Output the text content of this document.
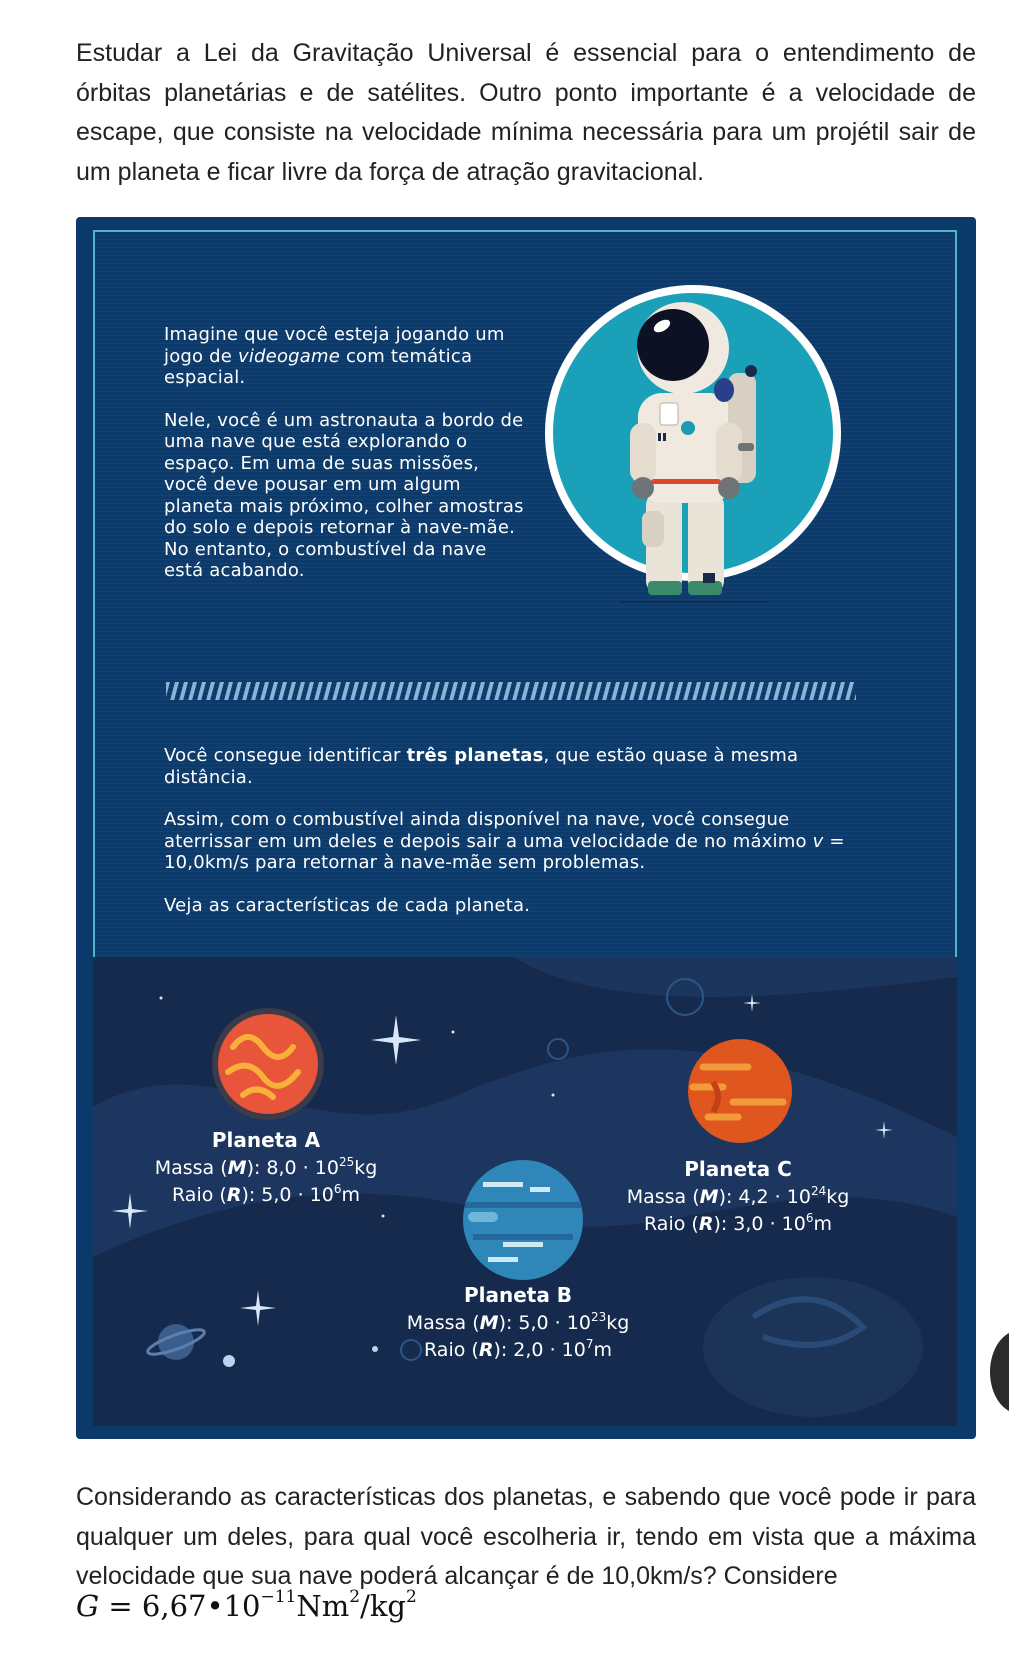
Estudar a Lei da Gravitação Universal é essencial para o entendimento de órbitas planetárias e de satélites. Outro ponto importante é a velocidade de escape, que consiste na velocidade mínima necessária para um projétil sair de um planeta e ficar livre da força de atração gravitacional.
Imagine que você esteja jogando um jogo de videogame com temática espacial.
Nele, você é um astronauta a bordo de uma nave que está explorando o espaço. Em uma de suas missões, você deve pousar em um algum planeta mais próximo, colher amostras do solo e depois retornar à nave-mãe. No entanto, o combustível da nave está acabando.
Você consegue identificar três planetas, que estão quase à mesma distância.
Assim, com o combustível ainda disponível na nave, você consegue aterrissar em um deles e depois sair a uma velocidade de no máximo v = 10,0km/s para retornar à nave-mãe sem problemas.
Veja as características de cada planeta.
Planeta A
Massa (M): $8,0 \cdot 10^{25}kg$
Raio (R): $5,0 \cdot 10^6m$
Planeta B
Massa (M): $5,0 \cdot 10^{23}kg$
Raio (R): $2,0 \cdot 10^7m$
Planeta C
Massa (M): $4,2 \cdot 10^{24}kg$
Raio (R): $3,0 \cdot 10^6m$
Considerando as características dos planetas, e sabendo que você pode ir para qualquer um deles, para qual você escolheria ir, tendo em vista que a máxima velocidade que sua nave poderá alcançar é de 10,0km/s? Considere
$G = 6,67•10^{-11}Nm^2/kg^2$
